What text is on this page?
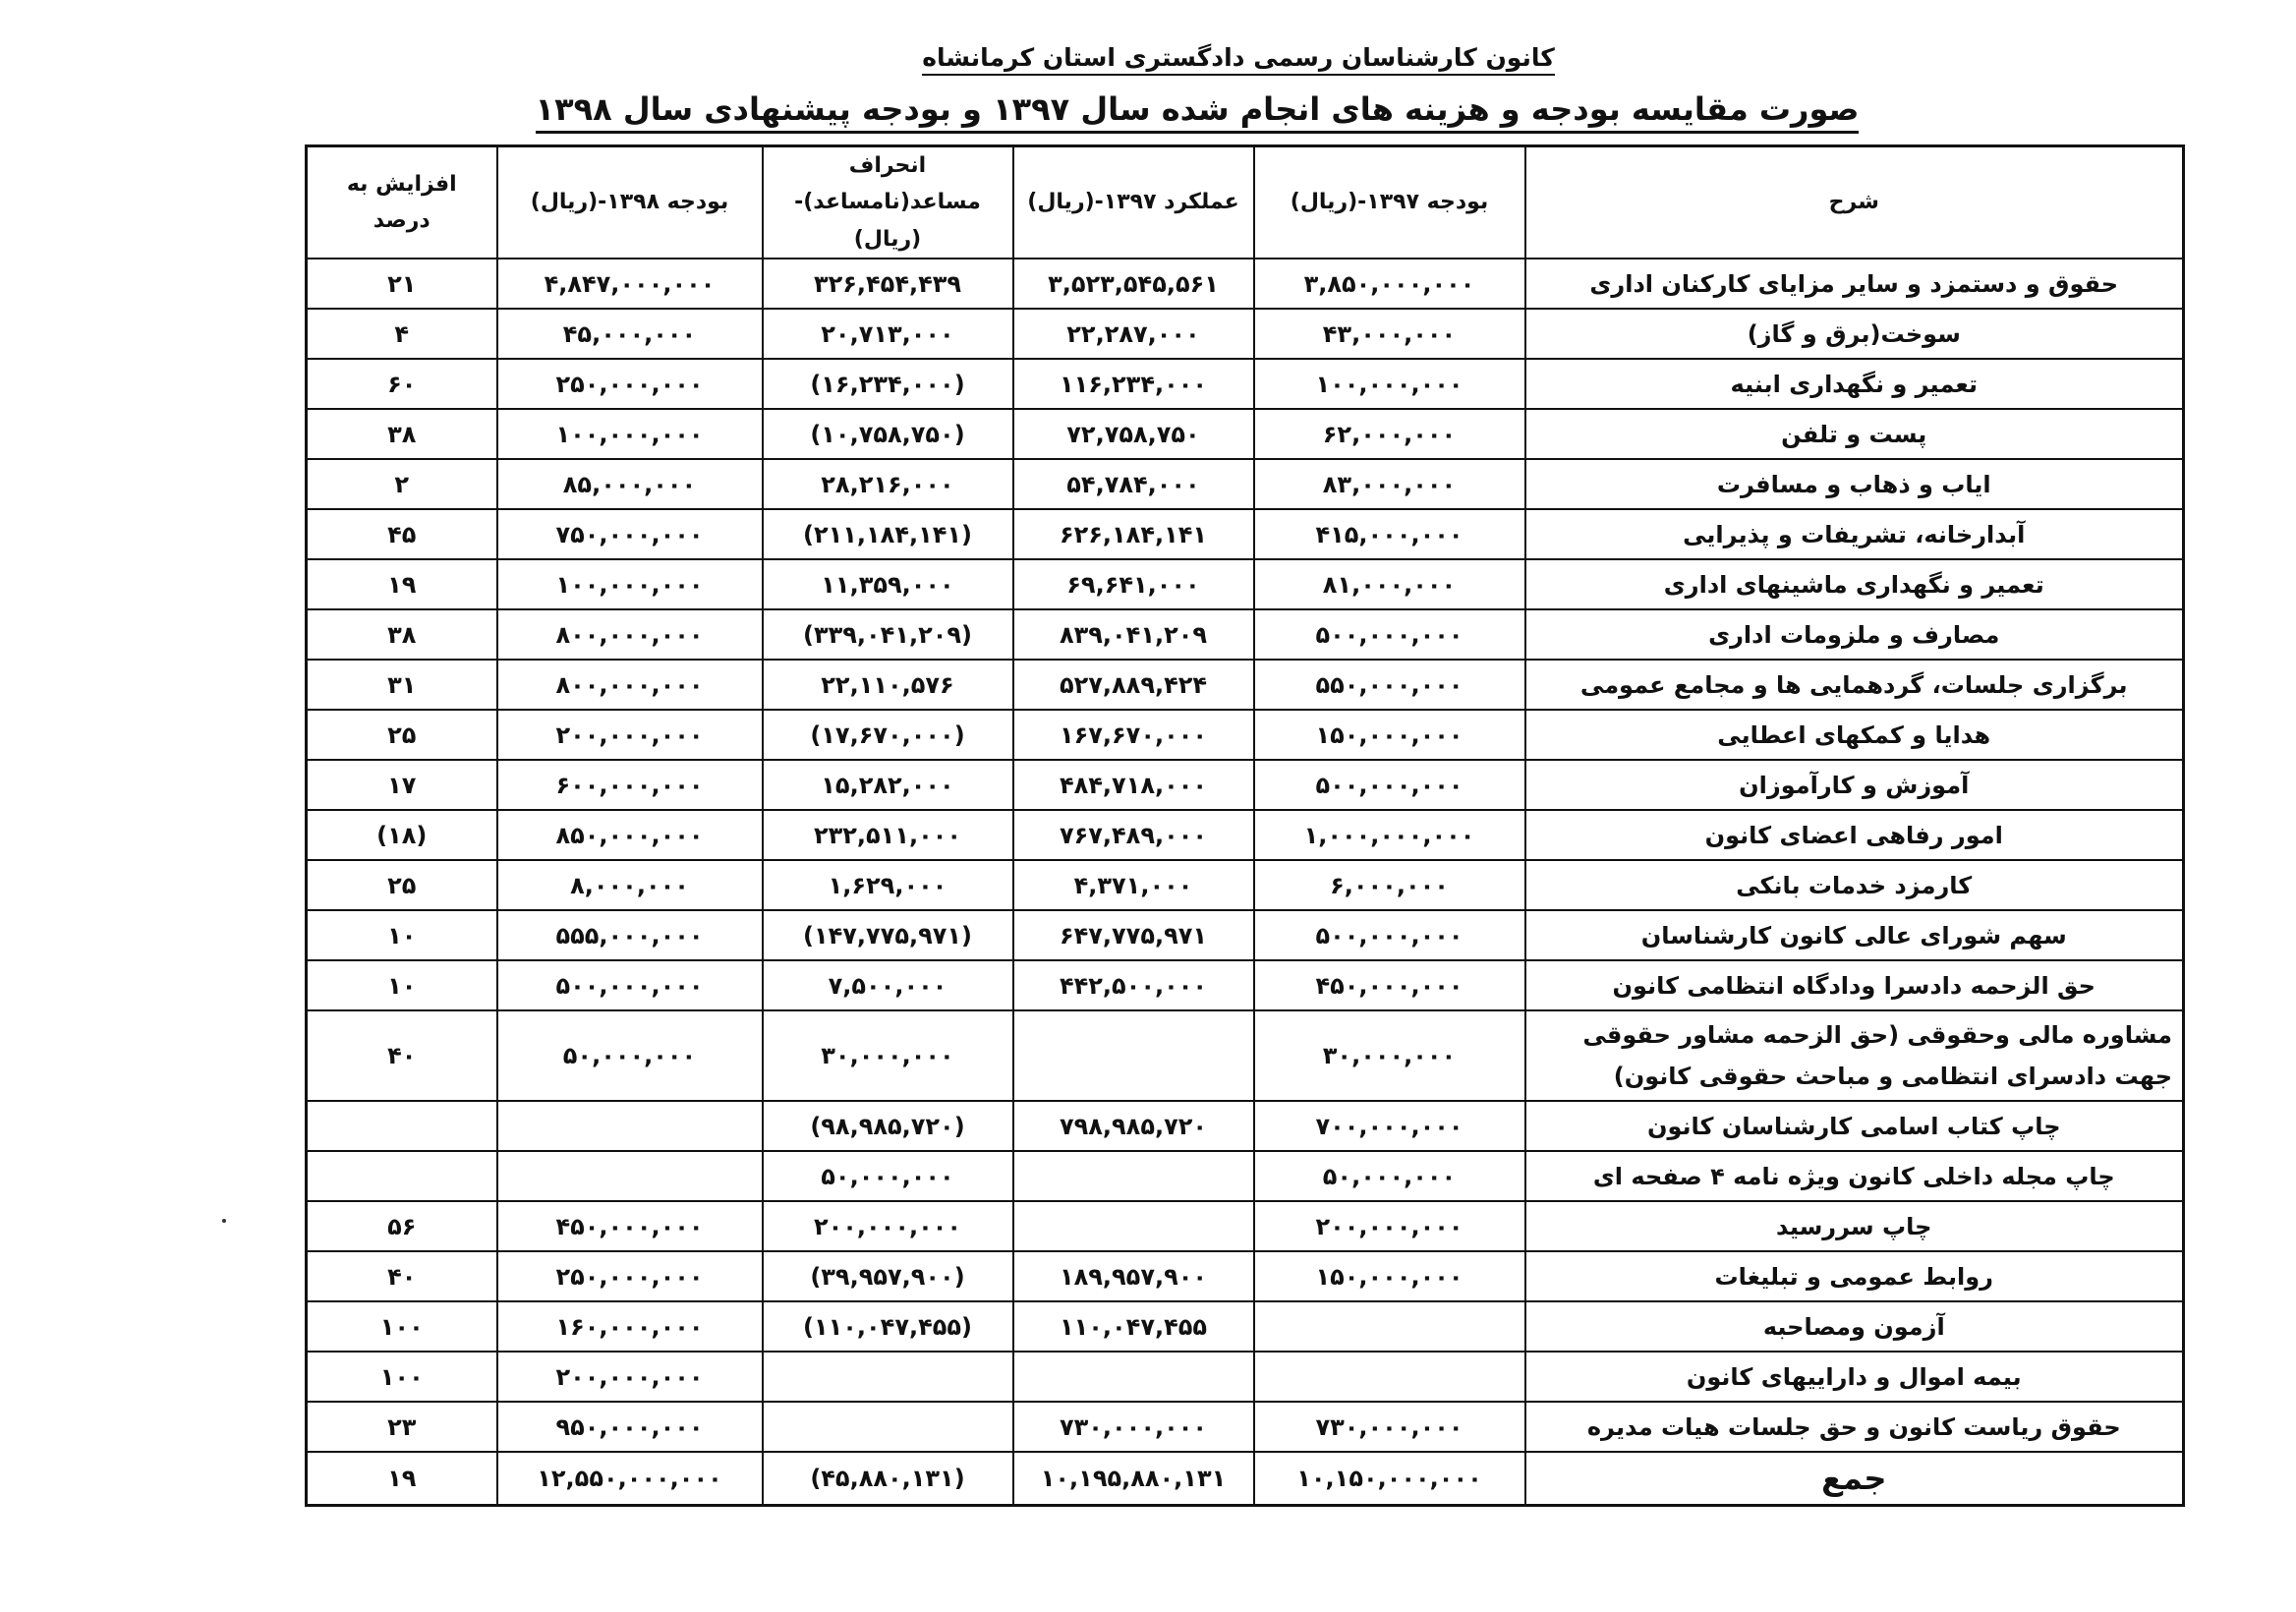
کانون کارشناسان رسمی دادگستری استان کرمانشاه
صورت مقایسه بودجه و هزینه های انجام شده سال ۱۳۹۷ و بودجه پیشنهادی سال ۱۳۹۸
شرح	بودجه ۱۳۹۷-(ریال)	عملکرد ۱۳۹۷-(ریال)	انحراف مساعد(نامساعد)-(ریال)	بودجه ۱۳۹۸-(ریال)	افزایش به درصد
حقوق و دستمزد و سایر مزایای کارکنان اداری	۳,۸۵۰,۰۰۰,۰۰۰	۳,۵۲۳,۵۴۵,۵۶۱	۳۲۶,۴۵۴,۴۳۹	۴,۸۴۷,۰۰۰,۰۰۰	۲۱
سوخت(برق و گاز)	۴۳,۰۰۰,۰۰۰	۲۲,۲۸۷,۰۰۰	۲۰,۷۱۳,۰۰۰	۴۵,۰۰۰,۰۰۰	۴
تعمیر و نگهداری ابنیه	۱۰۰,۰۰۰,۰۰۰	۱۱۶,۲۳۴,۰۰۰	(۱۶,۲۳۴,۰۰۰)	۲۵۰,۰۰۰,۰۰۰	۶۰
پست و تلفن	۶۲,۰۰۰,۰۰۰	۷۲,۷۵۸,۷۵۰	(۱۰,۷۵۸,۷۵۰)	۱۰۰,۰۰۰,۰۰۰	۳۸
ایاب و ذهاب و مسافرت	۸۳,۰۰۰,۰۰۰	۵۴,۷۸۴,۰۰۰	۲۸,۲۱۶,۰۰۰	۸۵,۰۰۰,۰۰۰	۲
آبدارخانه، تشریفات و پذیرایی	۴۱۵,۰۰۰,۰۰۰	۶۲۶,۱۸۴,۱۴۱	(۲۱۱,۱۸۴,۱۴۱)	۷۵۰,۰۰۰,۰۰۰	۴۵
تعمیر و نگهداری ماشینهای اداری	۸۱,۰۰۰,۰۰۰	۶۹,۶۴۱,۰۰۰	۱۱,۳۵۹,۰۰۰	۱۰۰,۰۰۰,۰۰۰	۱۹
مصارف و ملزومات اداری	۵۰۰,۰۰۰,۰۰۰	۸۳۹,۰۴۱,۲۰۹	(۳۳۹,۰۴۱,۲۰۹)	۸۰۰,۰۰۰,۰۰۰	۳۸
برگزاری جلسات، گردهمایی ها و مجامع عمومی	۵۵۰,۰۰۰,۰۰۰	۵۲۷,۸۸۹,۴۲۴	۲۲,۱۱۰,۵۷۶	۸۰۰,۰۰۰,۰۰۰	۳۱
هدایا و کمکهای اعطایی	۱۵۰,۰۰۰,۰۰۰	۱۶۷,۶۷۰,۰۰۰	(۱۷,۶۷۰,۰۰۰)	۲۰۰,۰۰۰,۰۰۰	۲۵
آموزش و کارآموزان	۵۰۰,۰۰۰,۰۰۰	۴۸۴,۷۱۸,۰۰۰	۱۵,۲۸۲,۰۰۰	۶۰۰,۰۰۰,۰۰۰	۱۷
امور رفاهی اعضای کانون	۱,۰۰۰,۰۰۰,۰۰۰	۷۶۷,۴۸۹,۰۰۰	۲۳۲,۵۱۱,۰۰۰	۸۵۰,۰۰۰,۰۰۰	(۱۸)
کارمزد خدمات بانکی	۶,۰۰۰,۰۰۰	۴,۳۷۱,۰۰۰	۱,۶۲۹,۰۰۰	۸,۰۰۰,۰۰۰	۲۵
سهم شورای عالی کانون کارشناسان	۵۰۰,۰۰۰,۰۰۰	۶۴۷,۷۷۵,۹۷۱	(۱۴۷,۷۷۵,۹۷۱)	۵۵۵,۰۰۰,۰۰۰	۱۰
حق الزحمه دادسرا ودادگاه انتظامی کانون	۴۵۰,۰۰۰,۰۰۰	۴۴۲,۵۰۰,۰۰۰	۷,۵۰۰,۰۰۰	۵۰۰,۰۰۰,۰۰۰	۱۰
مشاوره مالی وحقوقی (حق الزحمه مشاور حقوقی جهت دادسرای انتظامی و مباحث حقوقی کانون)	۳۰,۰۰۰,۰۰۰		۳۰,۰۰۰,۰۰۰	۵۰,۰۰۰,۰۰۰	۴۰
چاپ کتاب اسامی کارشناسان کانون	۷۰۰,۰۰۰,۰۰۰	۷۹۸,۹۸۵,۷۲۰	(۹۸,۹۸۵,۷۲۰)		
چاپ مجله داخلی کانون ویژه نامه ۴ صفحه ای	۵۰,۰۰۰,۰۰۰		۵۰,۰۰۰,۰۰۰		
چاپ سررسید	۲۰۰,۰۰۰,۰۰۰		۲۰۰,۰۰۰,۰۰۰	۴۵۰,۰۰۰,۰۰۰	۵۶
روابط عمومی و تبلیغات	۱۵۰,۰۰۰,۰۰۰	۱۸۹,۹۵۷,۹۰۰	(۳۹,۹۵۷,۹۰۰)	۲۵۰,۰۰۰,۰۰۰	۴۰
آزمون ومصاحبه		۱۱۰,۰۴۷,۴۵۵	(۱۱۰,۰۴۷,۴۵۵)	۱۶۰,۰۰۰,۰۰۰	۱۰۰
بیمه اموال و داراییهای کانون				۲۰۰,۰۰۰,۰۰۰	۱۰۰
حقوق ریاست کانون و حق جلسات هیات مدیره	۷۳۰,۰۰۰,۰۰۰	۷۳۰,۰۰۰,۰۰۰		۹۵۰,۰۰۰,۰۰۰	۲۳
جمع	۱۰,۱۵۰,۰۰۰,۰۰۰	۱۰,۱۹۵,۸۸۰,۱۳۱	(۴۵,۸۸۰,۱۳۱)	۱۲,۵۵۰,۰۰۰,۰۰۰	۱۹
